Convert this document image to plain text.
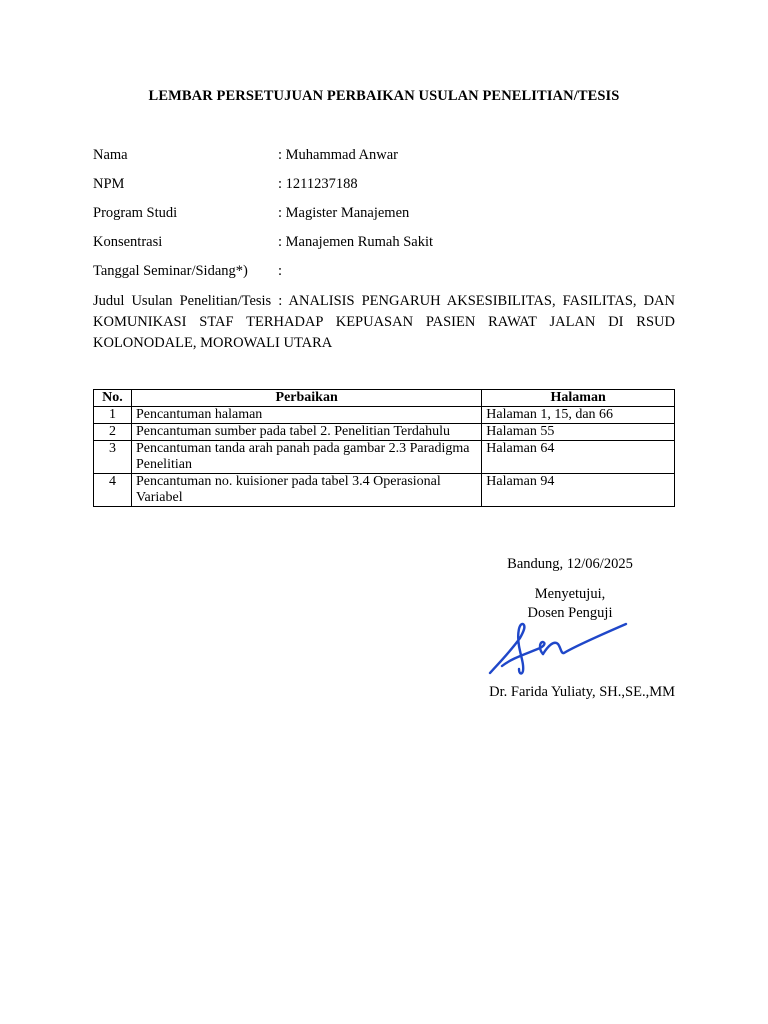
LEMBAR PERSETUJUAN PERBAIKAN USULAN PENELITIAN/TESIS
Nama	: Muhammad Anwar
NPM	: 1211237188
Program Studi	: Magister Manajemen
Konsentrasi	: Manajemen Rumah Sakit
Tanggal Seminar/Sidang*) :
Judul Usulan Penelitian/Tesis : ANALISIS PENGARUH AKSESIBILITAS, FASILITAS, DAN KOMUNIKASI STAF TERHADAP KEPUASAN PASIEN RAWAT JALAN DI RSUD KOLONODALE, MOROWALI UTARA
No.	Perbaikan	Halaman
1	Pencantuman halaman	Halaman 1, 15, dan 66
2	Pencantuman sumber pada tabel 2. Penelitian Terdahulu	Halaman 55
3	Pencantuman tanda arah panah pada gambar 2.3 Paradigma Penelitian	Halaman 64
4	Pencantuman no. kuisioner pada tabel 3.4 Operasional Variabel	Halaman 94
Bandung, 12/06/2025
Menyetujui,
Dosen Penguji
Dr. Farida Yuliaty, SH.,SE.,MM
